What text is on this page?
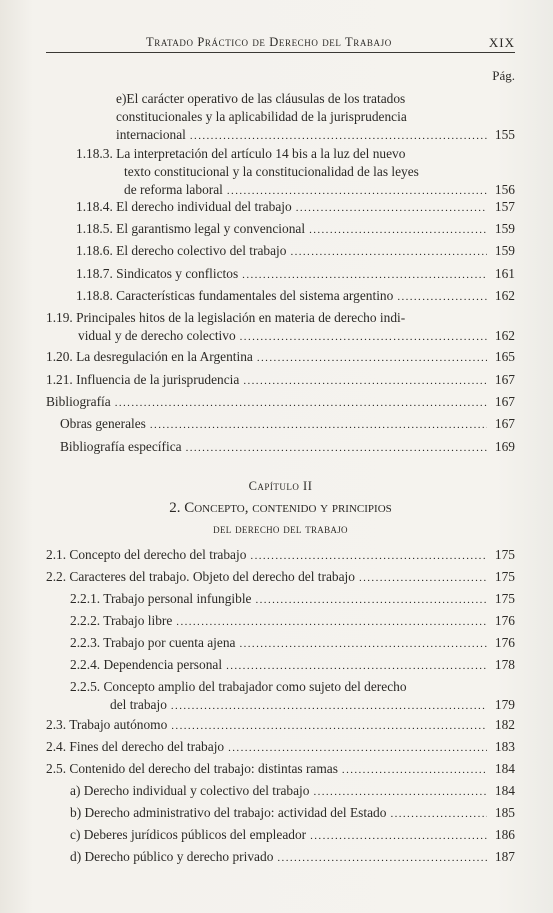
Tratado Práctico de Derecho del Trabajo	XIX
Pág.
e)El carácter operativo de las cláusulas de los tratados
constitucionales y la aplicabilidad de la jurisprudencia
internacional .....	155
1.18.3. La interpretación del artículo 14 bis a la luz del nuevo
texto constitucional y la constitucionalidad de las leyes
de reforma laboral .....	156
1.18.4. El derecho individual del trabajo .....	157
1.18.5. El garantismo legal y convencional .....	159
1.18.6. El derecho colectivo del trabajo .....	159
1.18.7. Sindicatos y conflictos .....	161
1.18.8. Características fundamentales del sistema argentino .....	162
1.19. Principales hitos de la legislación en materia de derecho indi-
vidual y de derecho colectivo .....	162
1.20. La desregulación en la Argentina .....	165
1.21. Influencia de la jurisprudencia .....	167
Bibliografía .....	167
Obras generales .....	167
Bibliografía específica .....	169
Capítulo II
2. Concepto, contenido y principios
del derecho del trabajo
2.1. Concepto del derecho del trabajo .....	175
2.2. Caracteres del trabajo. Objeto del derecho del trabajo .....	175
2.2.1. Trabajo personal infungible .....	175
2.2.2. Trabajo libre .....	176
2.2.3. Trabajo por cuenta ajena .....	176
2.2.4. Dependencia personal .....	178
2.2.5. Concepto amplio del trabajador como sujeto del derecho
del trabajo .....	179
2.3. Trabajo autónomo .....	182
2.4. Fines del derecho del trabajo .....	183
2.5. Contenido del derecho del trabajo: distintas ramas .....	184
a) Derecho individual y colectivo del trabajo .....	184
b) Derecho administrativo del trabajo: actividad del Estado .....	185
c) Deberes jurídicos públicos del empleador .....	186
d) Derecho público y derecho privado .....	187
